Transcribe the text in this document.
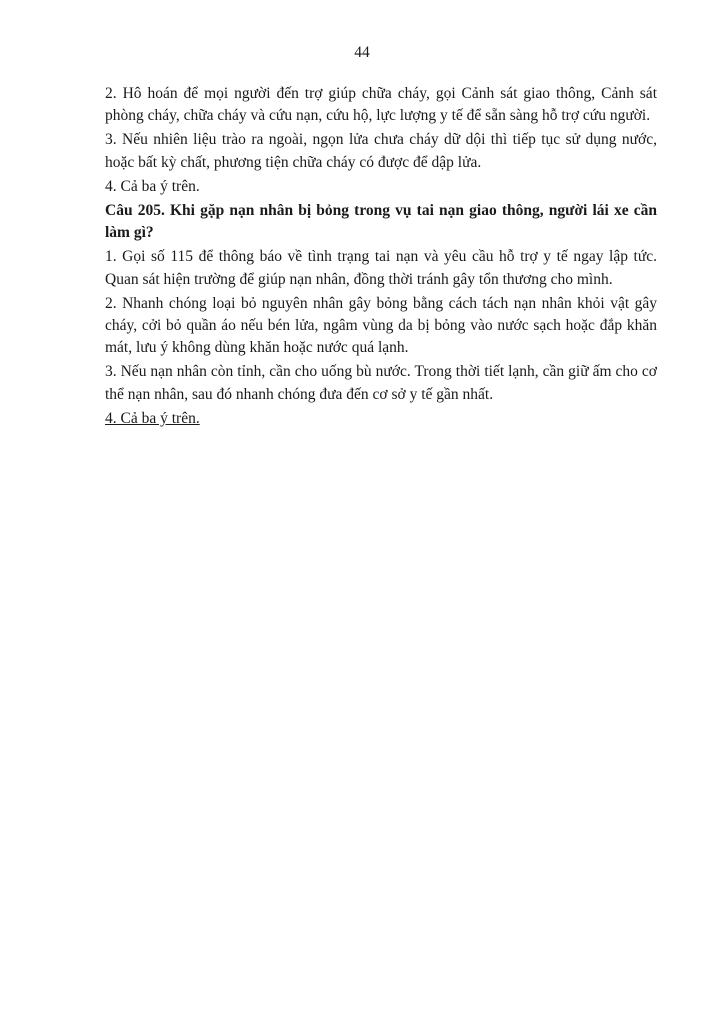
44

2. Hô hoán để mọi người đến trợ giúp chữa cháy, gọi Cảnh sát giao thông, Cảnh sát phòng cháy, chữa cháy và cứu nạn, cứu hộ, lực lượng y tế để sẵn sàng hỗ trợ cứu người.

3. Nếu nhiên liệu trào ra ngoài, ngọn lửa chưa cháy dữ dội thì tiếp tục sử dụng nước, hoặc bất kỳ chất, phương tiện chữa cháy có được để dập lửa.

4. Cả ba ý trên.

Câu 205. Khi gặp nạn nhân bị bỏng trong vụ tai nạn giao thông, người lái xe cần làm gì?

1. Gọi số 115 để thông báo về tình trạng tai nạn và yêu cầu hỗ trợ y tế ngay lập tức. Quan sát hiện trường để giúp nạn nhân, đồng thời tránh gây tổn thương cho mình.

2. Nhanh chóng loại bỏ nguyên nhân gây bỏng bằng cách tách nạn nhân khỏi vật gây cháy, cởi bỏ quần áo nếu bén lửa, ngâm vùng da bị bỏng vào nước sạch hoặc đắp khăn mát, lưu ý không dùng khăn hoặc nước quá lạnh.

3. Nếu nạn nhân còn tỉnh, cần cho uống bù nước. Trong thời tiết lạnh, cần giữ ấm cho cơ thể nạn nhân, sau đó nhanh chóng đưa đến cơ sở y tế gần nhất.

4. Cả ba ý trên.
